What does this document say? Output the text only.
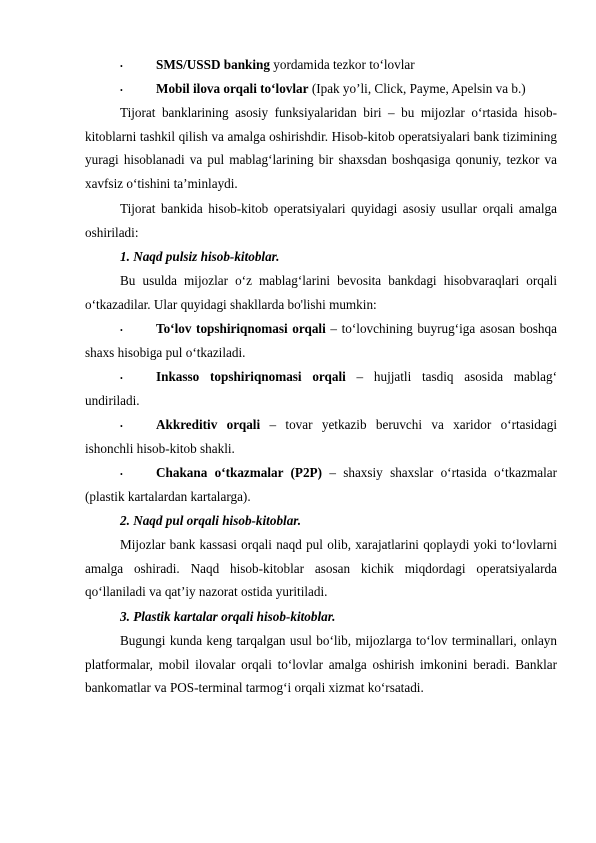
•	SMS/USSD banking yordamida tezkor to‘lovlar

•	Mobil ilova orqali to‘lovlar (Ipak yo’li, Click, Payme, Apelsin va b.)

Tijorat banklarining asosiy funksiyalaridan biri – bu mijozlar o‘rtasida hisob-kitoblarni tashkil qilish va amalga oshirishdir. Hisob-kitob operatsiyalari bank tizimining yuragi hisoblanadi va pul mablag‘larining bir shaxsdan boshqasiga qonuniy, tezkor va xavfsiz o‘tishini ta’minlaydi.

Tijorat bankida hisob-kitob operatsiyalari quyidagi asosiy usullar orqali amalga oshiriladi:

1. Naqd pulsiz hisob-kitoblar.

Bu usulda mijozlar o‘z mablag‘larini bevosita bankdagi hisobvaraqlari orqali o‘tkazadilar. Ular quyidagi shakllarda bo'lishi mumkin:

•	To‘lov topshiriqnomasi orqali – to‘lovchining buyrug‘iga asosan boshqa shaxs hisobiga pul o‘tkaziladi.

•	Inkasso topshiriqnomasi orqali – hujjatli tasdiq asosida mablag‘ undiriladi.

•	Akkreditiv orqali – tovar yetkazib beruvchi va xaridor o‘rtasidagi ishonchli hisob-kitob shakli.

•	Chakana o‘tkazmalar (P2P) – shaxsiy shaxslar o‘rtasida o‘tkazmalar (plastik kartalardan kartalarga).

2. Naqd pul orqali hisob-kitoblar.

Mijozlar bank kassasi orqali naqd pul olib, xarajatlarini qoplaydi yoki to‘lovlarni amalga oshiradi. Naqd hisob-kitoblar asosan kichik miqdordagi operatsiyalarda qo‘llaniladi va qat’iy nazorat ostida yuritiladi.

3. Plastik kartalar orqali hisob-kitoblar.

Bugungi kunda keng tarqalgan usul bo‘lib, mijozlarga to‘lov terminallari, onlayn platformalar, mobil ilovalar orqali to‘lovlar amalga oshirish imkonini beradi. Banklar bankomatlar va POS-terminal tarmog‘i orqali xizmat ko‘rsatadi.
